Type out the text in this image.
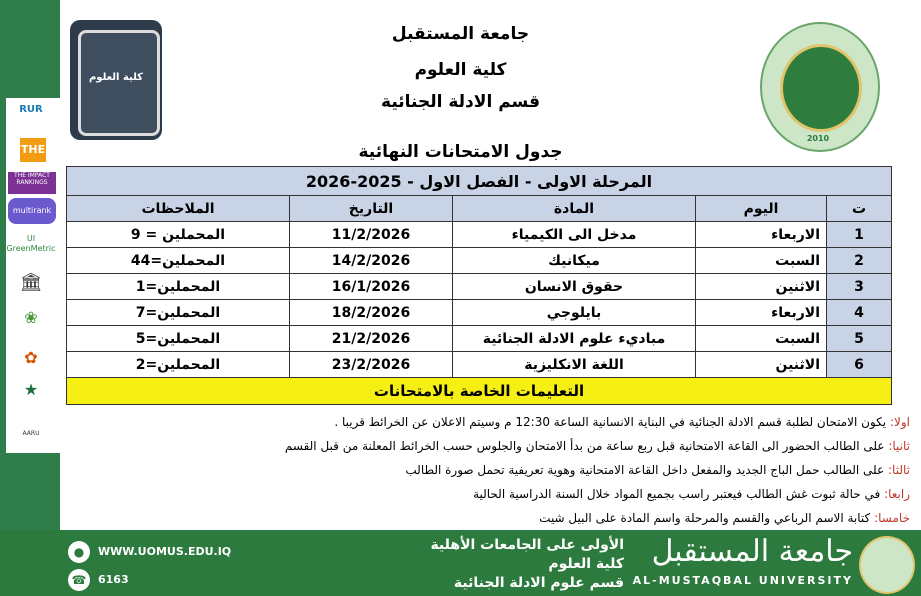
RUR
THE
THE IMPACT RANKINGS
multirank
UI GreenMetric
🏛
❀
✿
★
AARU
كلية العلوم
2010
جامعة المستقبل
كلية العلوم
قسم الادلة الجنائية
جدول الامتحانات النهائية
المرحلة الاولى - الفصل الاول - 2025-2026				
ت	اليوم	المادة	التاريخ	الملاحظات
1	الاربعاء	مدخل الى الكيمياء	11/2/2026	المحملين = 9
2	السبت	ميكانيك	14/2/2026	المحملين=44
3	الاثنين	حقوق الانسان	16/1/2026	المحملين=1
4	الاربعاء	بايلوجي	18/2/2026	المحملين=7
5	السبت	مباديء علوم الادلة الجنائية	21/2/2026	المحملين=5
6	الاثنين	اللغة الانكليزية	23/2/2026	المحملين=2
التعليمات الخاصة بالامتحانات				
اولا: يكون الامتحان لطلبة قسم الادلة الجنائية في البناية الانسانية الساعة 12:30 م وسيتم الاعلان عن الخرائط قريبا .
ثانيا: على الطالب الحضور الى القاعة الامتحانية قبل ربع ساعة من بدأ الامتحان والجلوس حسب الخرائط المعلنة من قبل القسم
ثالثا: على الطالب حمل الباج الجديد والمفعل داخل القاعة الامتحانية وهوية تعريفية تحمل صورة الطالب
رابعا: في حالة ثبوت غش الطالب فيعتبر راسب بجميع المواد خلال السنة الدراسية الحالية
خامسا: كتابة الاسم الرباعي والقسم والمرحلة واسم المادة على البيل شيت
●	WWW.UOMUS.EDU.IQ
☎	6163
الأولى على الجامعات الأهلية
كلية العلوم
قسم علوم الادلة الجنائية
جامعة المستقبل
AL-MUSTAQBAL UNIVERSITY
